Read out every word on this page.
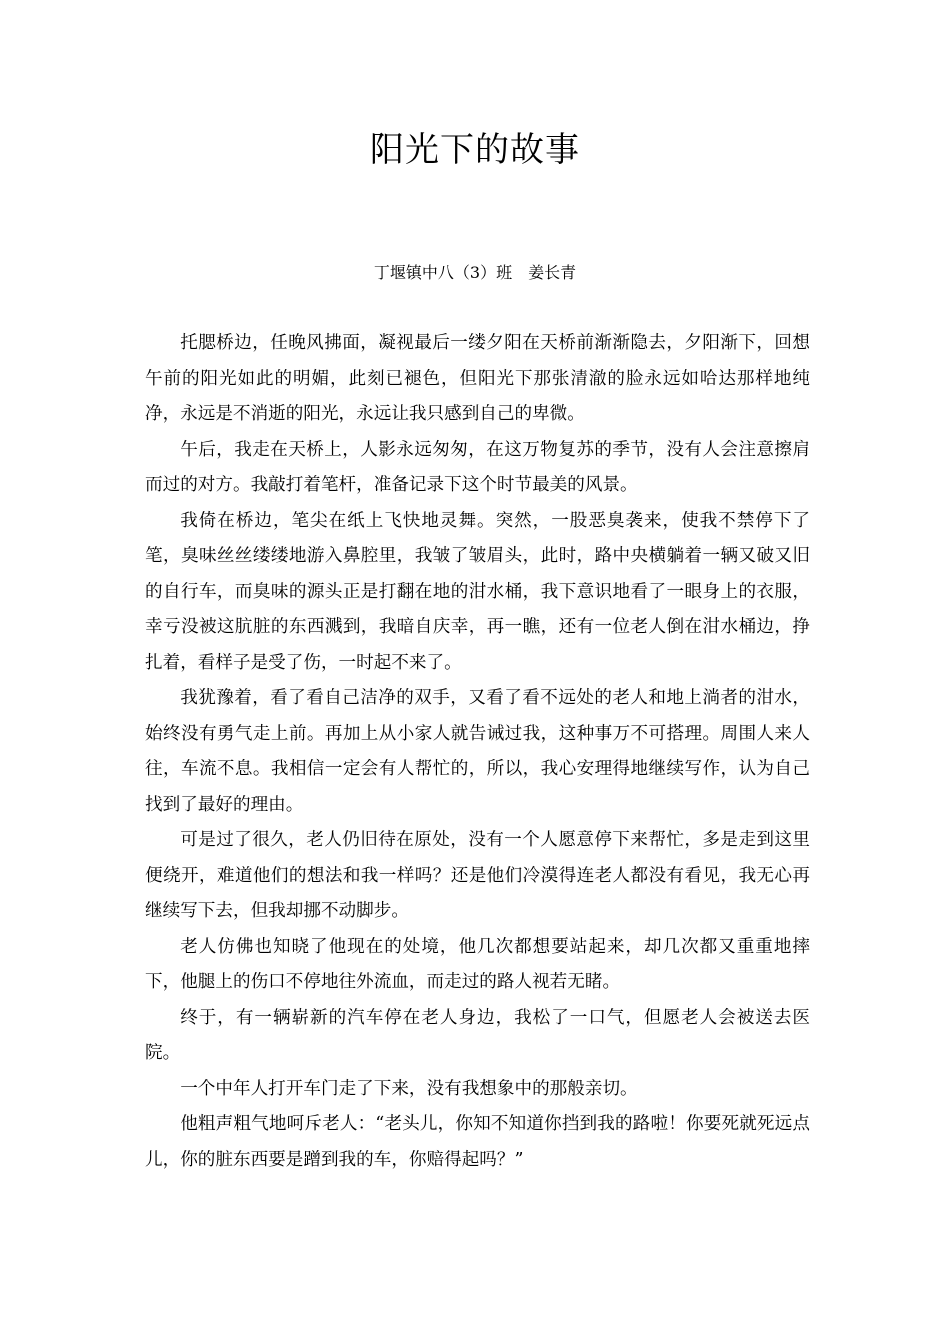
阳光下的故事
丁堰镇中八（3）班 姜长青

托腮桥边，任晚风拂面，凝视最后一缕夕阳在天桥前渐渐隐去，夕阳渐下，回想午前的阳光如此的明媚，此刻已褪色，但阳光下那张清澈的脸永远如哈达那样地纯净，永远是不消逝的阳光，永远让我只感到自己的卑微。

午后，我走在天桥上，人影永远匆匆，在这万物复苏的季节，没有人会注意擦肩而过的对方。我敲打着笔杆，准备记录下这个时节最美的风景。

我倚在桥边，笔尖在纸上飞快地灵舞。突然，一股恶臭袭来，使我不禁停下了笔，臭味丝丝缕缕地游入鼻腔里，我皱了皱眉头，此时，路中央横躺着一辆又破又旧的自行车，而臭味的源头正是打翻在地的泔水桶，我下意识地看了一眼身上的衣服，幸亏没被这肮脏的东西溅到，我暗自庆幸，再一瞧，还有一位老人倒在泔水桶边，挣扎着，看样子是受了伤，一时起不来了。

我犹豫着，看了看自己洁净的双手，又看了看不远处的老人和地上淌者的泔水，始终没有勇气走上前。再加上从小家人就告诫过我，这种事万不可搭理。周围人来人往，车流不息。我相信一定会有人帮忙的，所以，我心安理得地继续写作，认为自己找到了最好的理由。

可是过了很久，老人仍旧待在原处，没有一个人愿意停下来帮忙，多是走到这里便绕开，难道他们的想法和我一样吗？还是他们冷漠得连老人都没有看见，我无心再继续写下去，但我却挪不动脚步。

老人仿佛也知晓了他现在的处境，他几次都想要站起来，却几次都又重重地摔下，他腿上的伤口不停地往外流血，而走过的路人视若无睹。

终于，有一辆崭新的汽车停在老人身边，我松了一口气，但愿老人会被送去医院。

一个中年人打开车门走了下来，没有我想象中的那般亲切。

他粗声粗气地呵斥老人：“老头儿，你知不知道你挡到我的路啦！你要死就死远点儿，你的脏东西要是蹭到我的车，你赔得起吗？”
